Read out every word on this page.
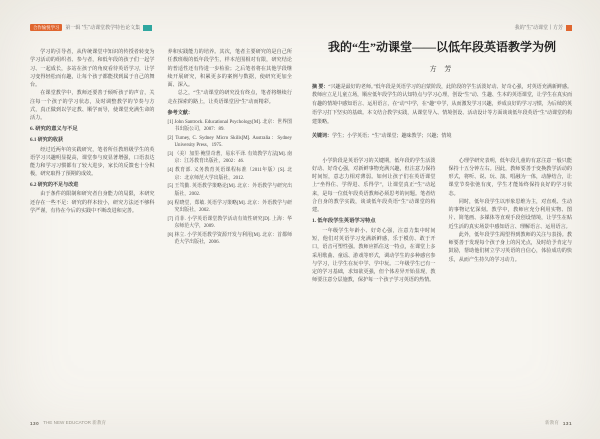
合作愉悦学习	第一辑 “生”动课堂教学特色论文集	我的“生”动课堂丨方芳

学习的引导者，从传统课堂中知识的传授者转变为学习活动的组织者、参与者，和低年段的孩子们一起学习、一起成长，多站在孩子的角度看待英语学习，让学习变得轻松而有趣，让每个孩子都能找到属于自己的舞台。

在课堂教学中，教师还要善于倾听孩子的声音，关注每一个孩子的学习状态，及时调整教学的节奏与方式，真正做到以学定教、顺学而导，使课堂充满生命的活力。

6. 研究的意义与不足
6.1 研究的收获

经过近两年的实践研究，笔者所任教班级学生的英语学习兴趣明显提高，课堂参与度显著增强，口语表达能力和学习习惯都有了较大进步，家长的反馈也十分积极，研究取得了预期的成效。

6.2 研究的不足与改进

由于条件的限制和研究者自身能力的局限，本研究还存在一些不足：研究的样本较小，研究方法还不够科学严谨，有待在今后的实践中不断改进和完善。

养和实践能力的培养。其次，笔者主要研究的是自己所任教班级的低年段学生，样本范围相对有限，研究结论的普适性还有待进一步检验；之后笔者将在其他学段继续开展研究，积累更多的案例与数据，使研究更加全面、深入。

总之，“生”动课堂的研究没有终点，笔者将继续行走在探索的路上，让英语课堂因“生”动而精彩。

参考文献：
[1] John Santrock. Educational Psychology[M]. 北京：世界图书出版公司，2007：89.
[2] Turney, C. Sydney Micro Skills[M]. Australia：Sydney University Press，1975.
[3] （美）加里·鲍里奇著，易东平译. 有效教学方法[M]. 南京：江苏教育出版社，2002：46.
[4] 教育部. 义务教育英语课程标准（2011年版）[S]. 北京：北京师范大学出版社，2012.
[5] 王笃勤. 英语教学策略论[M]. 北京：外语教学与研究出版社，2002.
[6] 程晓堂，郑敏. 英语学习策略[M]. 北京：外语教学与研究出版社，2002.
[7] 肖菲. 小学英语课堂教学活动有效性研究[D]. 上海：华东师范大学，2009.
[8] 林立. 小学英语教学资源开发与利用[M]. 北京：首都师范大学出版社，2006.
我的“生”动课堂——以低年段英语教学为例
方 芳

摘 要：“兴趣是最好的老师。”低年段是英语学习的启蒙阶段，此阶段的学生活泼好动、好奇心强，对英语充满新鲜感。教师应立足儿童立场，顺应低年段学生的认知特点与学习心理，创设“生”动、生趣、生本的英语课堂，让学生在真实而有趣的情境中感知语言、运用语言，在“动”中学，在“趣”中学，从而激发学习兴趣，养成良好的学习习惯，为后续的英语学习打下坚实的基础。本文结合教学实践，从课堂导入、情境创设、活动设计等方面谈谈低年段英语“生”动课堂的构建策略。

关键词：学生；小学英语；“生”动课堂；趣味教学；兴趣；情境

小学阶段是英语学习的关键期，低年段的学生活泼好动、好奇心强，对新鲜事物充满兴趣，但注意力保持时间短，意志力相对薄弱。如何让孩子们在英语课堂上“坐得住、学得进、乐得学”，让课堂真正“生”动起来，是每一位低年段英语教师必须思考的问题。笔者结合自身的教学实践，谈谈低年段英语“生”动课堂的构建。

1. 低年段学生英语学习特点

一年级学生年龄小、好奇心强，注意力集中时间短，他们对英语学习充满新鲜感，乐于模仿、敢于开口，语音可塑性强。教师应抓住这一特点，在课堂上多采用歌曲、童谣、游戏等形式，调动学生的多种感官参与学习，让学生在玩中学、学中玩。二年级学生已有一定的学习基础，求知欲更强，但个体差异开始显现，教师要注意分层施教，保护每一个孩子学习英语的热情。

心理学研究表明，低年段儿童的有意注意一般只能保持十五分钟左右。因此，教师要善于变换教学活动的形式，将听、说、玩、演、唱融为一体，动静结合，让课堂节奏张弛有度，学生才能始终保持良好的学习状态。

同时，低年段学生以形象思维为主，对直观、生动的事物记忆深刻。教学中，教师应充分利用实物、图片、简笔画、多媒体等直观手段创设情境，让学生在贴近生活的真实场景中感知语言、理解语言、运用语言。

此外，低年段学生渴望得到教师的关注与表扬。教师要善于发现每个孩子身上的闪光点，及时给予肯定与鼓励，帮助他们树立学习英语的自信心，体验成功的快乐，从而产生持久的学习动力。

130 THE NEW EDUCATOR 新教育	新教育 131
